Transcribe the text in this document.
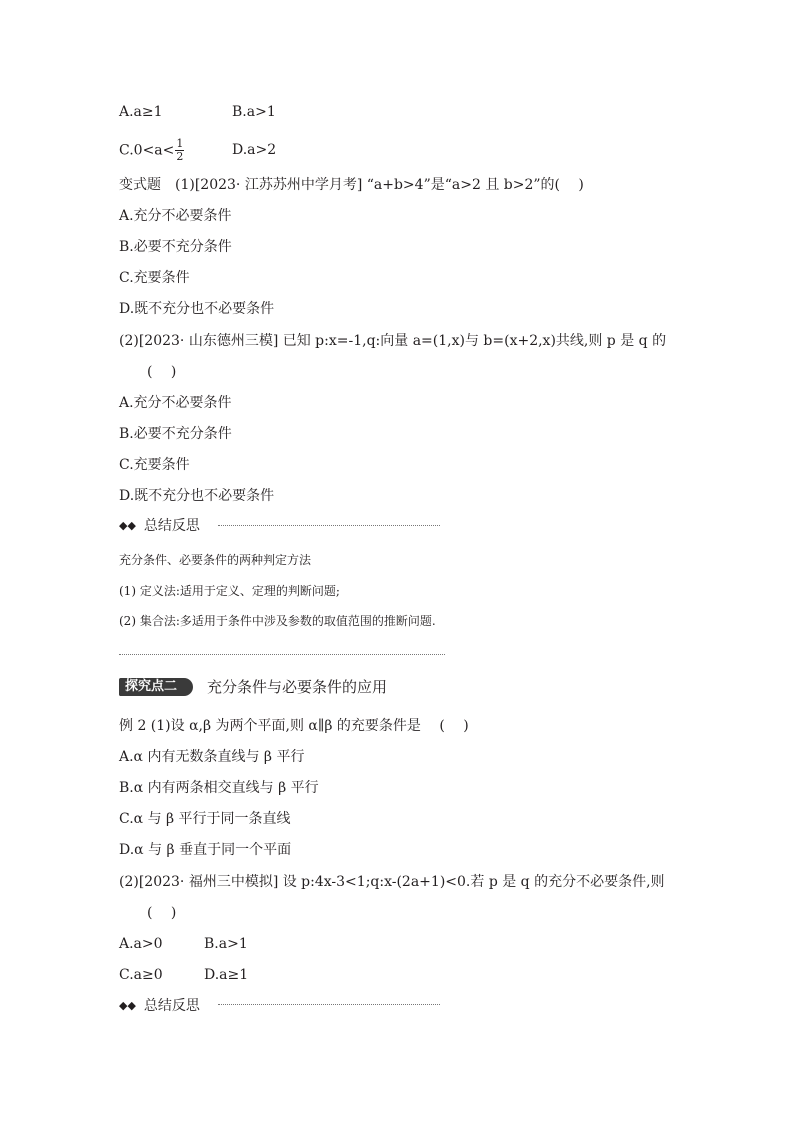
A.a≥1	B.a>1
$C.0<a< \frac{1}{2}$	D.a>2
变式题　(1)[2023· 江苏苏州中学月考] “a+b>4”是“a>2 且 b>2”的(　 )
A.充分不必要条件
B.必要不充分条件
C.充要条件
D.既不充分也不必要条件
(2)[2023· 山东德州三模] 已知 p:x=-1,q:向量 a=(1,x)与 b=(x+2,x)共线,则 p 是 q 的
(　 )
A.充分不必要条件
B.必要不充分条件
C.充要条件
D.既不充分也不必要条件
◆◆ 总结反思
充分条件、必要条件的两种判定方法
(1) 定义法:适用于定义、定理的判断问题;
(2) 集合法:多适用于条件中涉及参数的取值范围的推断问题.
探究点二	充分条件与必要条件的应用
例 2 (1)设 α,β 为两个平面,则 α∥β 的充要条件是　 (　 )
A.α 内有无数条直线与 β 平行
B.α 内有两条相交直线与 β 平行
C.α 与 β 平行于同一条直线
D.α 与 β 垂直于同一个平面
(2)[2023· 福州三中模拟] 设 p:4x-3<1;q:x-(2a+1)<0.若 p 是 q 的充分不必要条件,则
(　 )
A.a>0	B.a>1
C.a≥0	D.a≥1
◆◆ 总结反思
